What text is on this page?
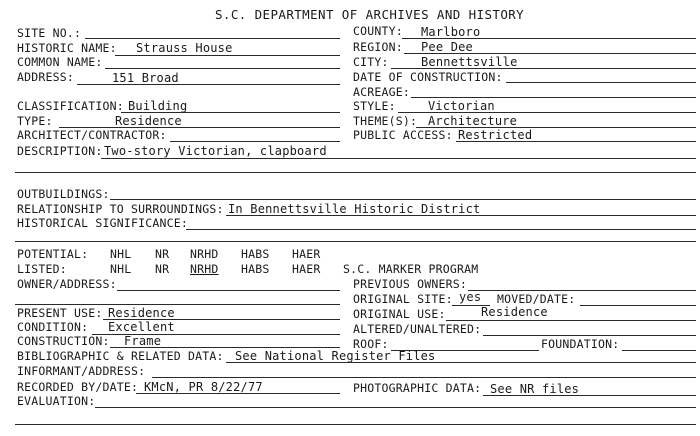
S.C. DEPARTMENT OF ARCHIVES AND HISTORY
SITE NO.:
HISTORIC NAME: Strauss House
COMMON NAME:
ADDRESS:	151 Broad
CLASSIFICATION: Building
TYPE:	Residence
ARCHITECT/CONTRACTOR:
DESCRIPTION: Two-story Victorian, clapboard
COUNTY: Marlboro
REGION: Pee Dee
CITY:	Bennettsville
DATE OF CONSTRUCTION:
ACREAGE:
STYLE:	Victorian
THEME(S): Architecture
PUBLIC ACCESS: Restricted
OUTBUILDINGS:
RELATIONSHIP TO SURROUNDINGS: In Bennettsville Historic District
HISTORICAL SIGNIFICANCE:
POTENTIAL: NHL NR NRHD HABS HAER
LISTED:	NHL NR NRHD HABS HAER S.C. MARKER PROGRAM
OWNER/ADDRESS:	PREVIOUS OWNERS:
ORIGINAL SITE: yes MOVED/DATE:
PRESENT USE: Residence	ORIGINAL USE:	Residence
CONDITION: Excellent	ALTERED/UNALTERED:
CONSTRUCTION: Frame	ROOF:	FOUNDATION:
BIBLIOGRAPHIC & RELATED DATA: See National Register Files
INFORMANT/ADDRESS:
RECORDED BY/DATE: KMcN, PR 8/22/77	PHOTOGRAPHIC DATA: See NR files
EVALUATION:
